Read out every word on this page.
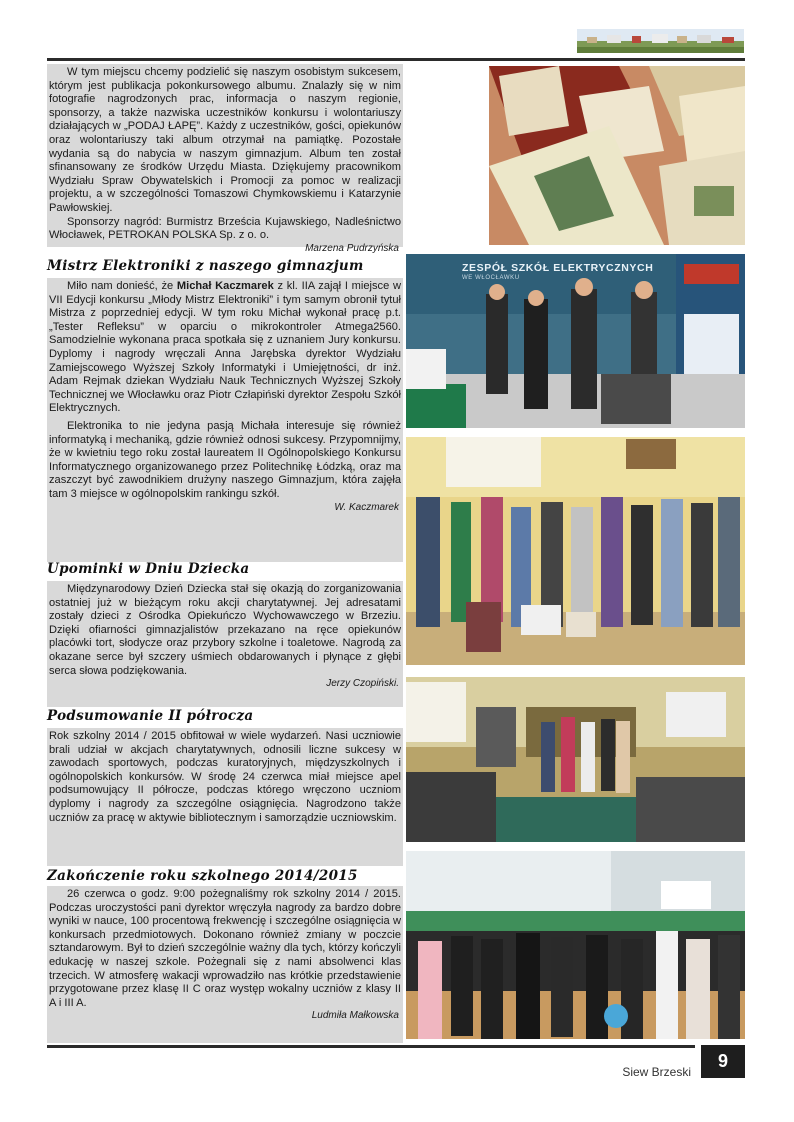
W tym miejscu chcemy podzielić się naszym osobistym sukcesem, którym jest publikacja pokonkursowego albumu. Znalazły się w nim fotografie nagrodzonych prac, informacja o naszym regionie, sponsorzy, a także nazwiska uczestników konkursu i wolontariuszy działających w „PODAJ ŁAPĘ”. Każdy z uczestników, gości, opiekunów oraz wolontariuszy taki album otrzymał na pamiątkę. Pozostałe wydania są do nabycia w naszym gimnazjum. Album ten został sfinansowany ze środków Urzędu Miasta. Dziękujemy pracownikom Wydziału Spraw Obywatelskich i Promocji za pomoc w realizacji projektu, a w szczególności Tomaszowi Chymkowskiemu i Katarzynie Pawłowskiej.

Sponsorzy nagród: Burmistrz Brześcia Kujawskiego, Nadleśnictwo Włocławek, PETROKAN POLSKA Sp. z o. o.

Marzena Pudrzyńska

Mistrz Elektroniki z naszego gimnazjum

Miło nam donieść, że Michał Kaczmarek z kl. IIA zajął I miejsce w VII Edycji konkursu „Młody Mistrz Elektroniki” i tym samym obronił tytuł Mistrza z poprzedniej edycji. W tym roku Michał wykonał pracę p.t. „Tester Refleksu” w oparciu o mikrokontroler Atmega2560. Samodzielnie wykonana praca spotkała się z uznaniem Jury konkursu. Dyplomy i nagrody wręczali Anna Jarębska dyrektor Wydziału Zamiejscowego Wyższej Szkoły Informatyki i Umiejętności, dr inż. Adam Rejmak dziekan Wydziału Nauk Technicznych Wyższej Szkoły Technicznej we Włocławku oraz Piotr Człapiński dyrektor Zespołu Szkół Elektrycznych.

Elektronika to nie jedyna pasją Michała interesuje się również informatyką i mechaniką, gdzie również odnosi sukcesy. Przypomnijmy, że w kwietniu tego roku został laureatem II Ogólnopolskiego Konkursu Informatycznego organizowanego przez Politechnikę Łódzką, oraz ma zaszczyt być zawodnikiem drużyny naszego Gimnazjum, która zajęła tam 3 miejsce w ogólnopolskim rankingu szkół.

W. Kaczmarek

ZESPÓŁ SZKÓŁ ELEKTRYCZNYCH
WE WŁOCŁAWKU
Upominki w Dniu Dziecka

Międzynarodowy Dzień Dziecka stał się okazją do zorganizowania ostatniej już w bieżącym roku akcji charytatywnej. Jej adresatami zostały dzieci z Ośrodka Opiekuńczo Wychowawczego w Brzeziu. Dzięki ofiarności gimnazjalistów przekazano na ręce opiekunów placówki tort, słodycze oraz przybory szkolne i toaletowe. Nagrodą za okazane serce był szczery uśmiech obdarowanych i płynące z głębi serca słowa podziękowania.

Jerzy Czopiński.

Podsumowanie II półrocza

Rok szkolny 2014 / 2015 obfitował w wiele wydarzeń. Nasi uczniowie brali udział w akcjach charytatywnych, odnosili liczne sukcesy w zawodach sportowych, podczas kuratoryjnych, międzyszkolnych i ogólnopolskich konkursów. W środę 24 czerwca miał miejsce apel podsumowujący II półrocze, podczas którego wręczono uczniom dyplomy i nagrody za szczególne osiągnięcia. Nagrodzono także uczniów za pracę w aktywie bibliotecznym i samorządzie uczniowskim.

Zakończenie roku szkolnego 2014/2015

26 czerwca o godz. 9:00 pożegnaliśmy rok szkolny 2014 / 2015. Podczas uroczystości pani dyrektor wręczyła nagrody za bardzo dobre wyniki w nauce, 100 procentową frekwencję i szczególne osiągnięcia w konkursach przedmiotowych. Dokonano również zmiany w poczcie sztandarowym. Był to dzień szczególnie ważny dla tych, którzy kończyli edukację w naszej szkole. Pożegnali się z nami absolwenci klas trzecich. W atmosferę wakacji wprowadziło nas krótkie przedstawienie przygotowane przez klasę II C oraz występ wokalny uczniów z klasy II A i III A.

Ludmiła Małkowska

Siew Brzeski
9
